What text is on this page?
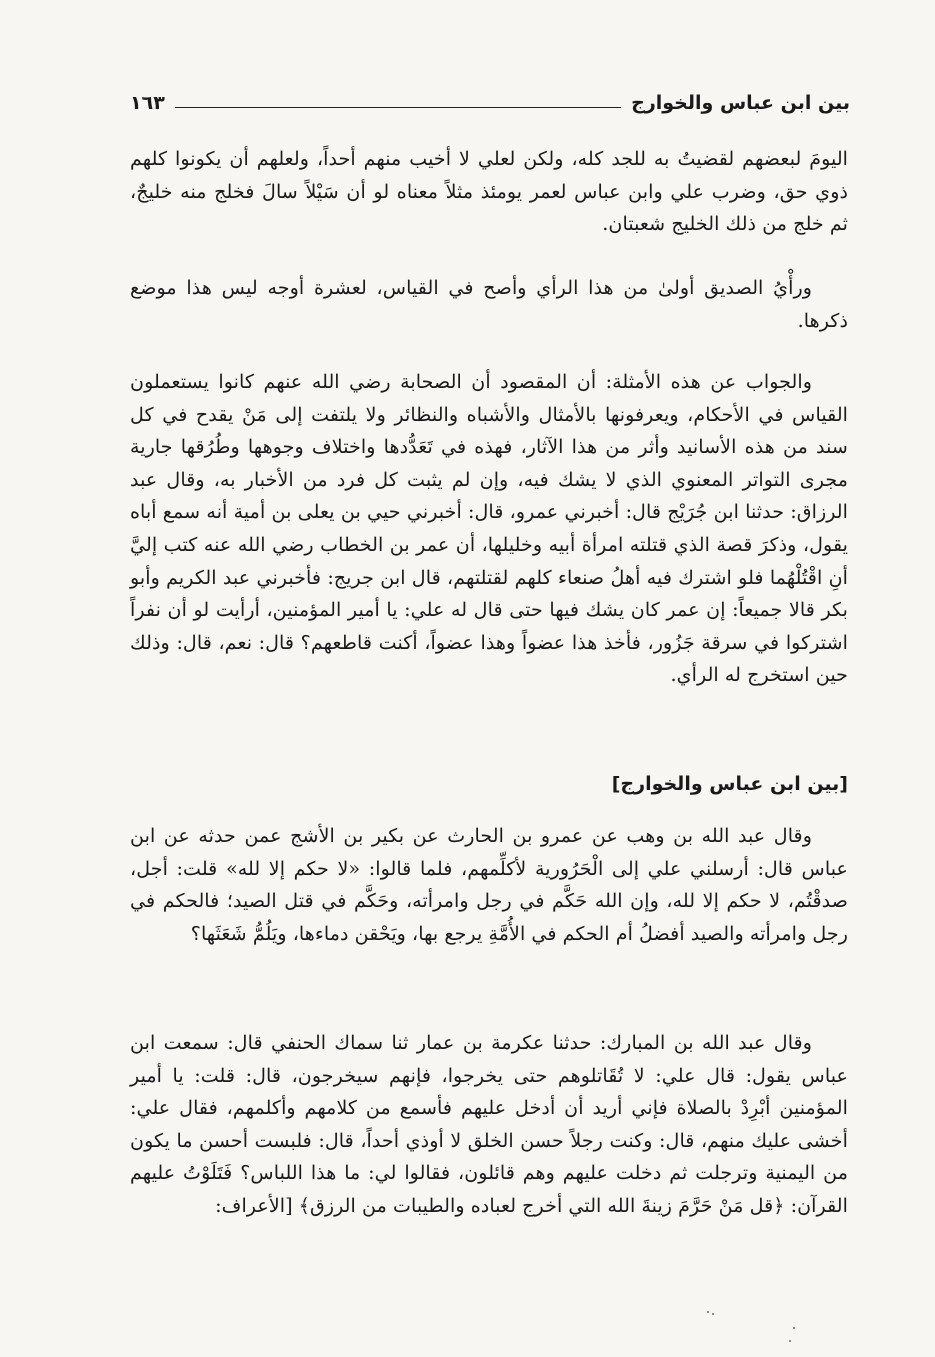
بين ابن عباس والخوارج
١٦٣

اليومَ لبعضهم لقضيتُ به للجد كله، ولكن لعلي لا أخيب منهم أحداً، ولعلهم أن يكونوا كلهم ذوي حق، وضرب علي وابن عباس لعمر يومئذ مثلاً معناه لو أن سَيْلاً سالَ فخلج منه خليجٌ، ثم خلج من ذلك الخليج شعبتان.

ورأْيُ الصديق أولىٰ من هذا الرأي وأصح في القياس، لعشرة أوجه ليس هذا موضع ذكرها.

والجواب عن هذه الأمثلة: أن المقصود أن الصحابة رضي الله عنهم كانوا يستعملون القياس في الأحكام، ويعرفونها بالأمثال والأشباه والنظائر ولا يلتفت إلى مَنْ يقدح في كل سند من هذه الأسانيد وأثر من هذا الآثار، فهذه في تَعَدُّدها واختلاف وجوهها وطُرُقها جارية مجرى التواتر المعنوي الذي لا يشك فيه، وإن لم يثبت كل فرد من الأخبار به، وقال عبد الرزاق: حدثنا ابن جُرَيْج قال: أخبرني عمرو، قال: أخبرني حيي بن يعلى بن أمية أنه سمع أباه يقول، وذكرَ قصة الذي قتلته امرأة أبيه وخليلها، أن عمر بن الخطاب رضي الله عنه كتب إليَّ أنِ اقْتُلْهُما فلو اشترك فيه أهلُ صنعاء كلهم لقتلتهم، قال ابن جريج: فأخبرني عبد الكريم وأبو بكر قالا جميعاً: إن عمر كان يشك فيها حتى قال له علي: يا أمير المؤمنين، أرأيت لو أن نفراً اشتركوا في سرقة جَزُور، فأخذ هذا عضواً وهذا عضواً، أكنت قاطعهم؟ قال: نعم، قال: وذلك حين استخرج له الرأي.

[بين ابن عباس والخوارج]

وقال عبد الله بن وهب عن عمرو بن الحارث عن بكير بن الأشج عمن حدثه عن ابن عباس قال: أرسلني علي إلى الْحَرُورية لأكلِّمهم، فلما قالوا: «لا حكم إلا لله» قلت: أجل، صدقْتُم، لا حكم إلا لله، وإن الله حَكَّم في رجل وامرأته، وحَكَّم في قتل الصيد؛ فالحكم في رجل وامرأته والصيد أفضلُ أم الحكم في الأُمَّةِ يرجع بها، ويَحْقن دماءها، ويَلُمُّ شَعَثَها؟

وقال عبد الله بن المبارك: حدثنا عكرمة بن عمار ثنا سماك الحنفي قال: سمعت ابن عباس يقول: قال علي: لا تُقَاتلوهم حتى يخرجوا، فإنهم سيخرجون، قال: قلت: يا أمير المؤمنين أبْرِدْ بالصلاة فإني أريد أن أدخل عليهم فأسمع من كلامهم وأكلمهم، فقال علي: أخشى عليك منهم، قال: وكنت رجلاً حسن الخلق لا أوذي أحداً، قال: فلبست أحسن ما يكون من اليمنية وترجلت ثم دخلت عليهم وهم قائلون، فقالوا لي: ما هذا اللباس؟ فَتَلَوْتُ عليهم القرآن: ﴿قل مَنْ حَرَّمَ زينةَ الله التي أخرج لعباده والطيبات من الرزق﴾ [الأعراف:
